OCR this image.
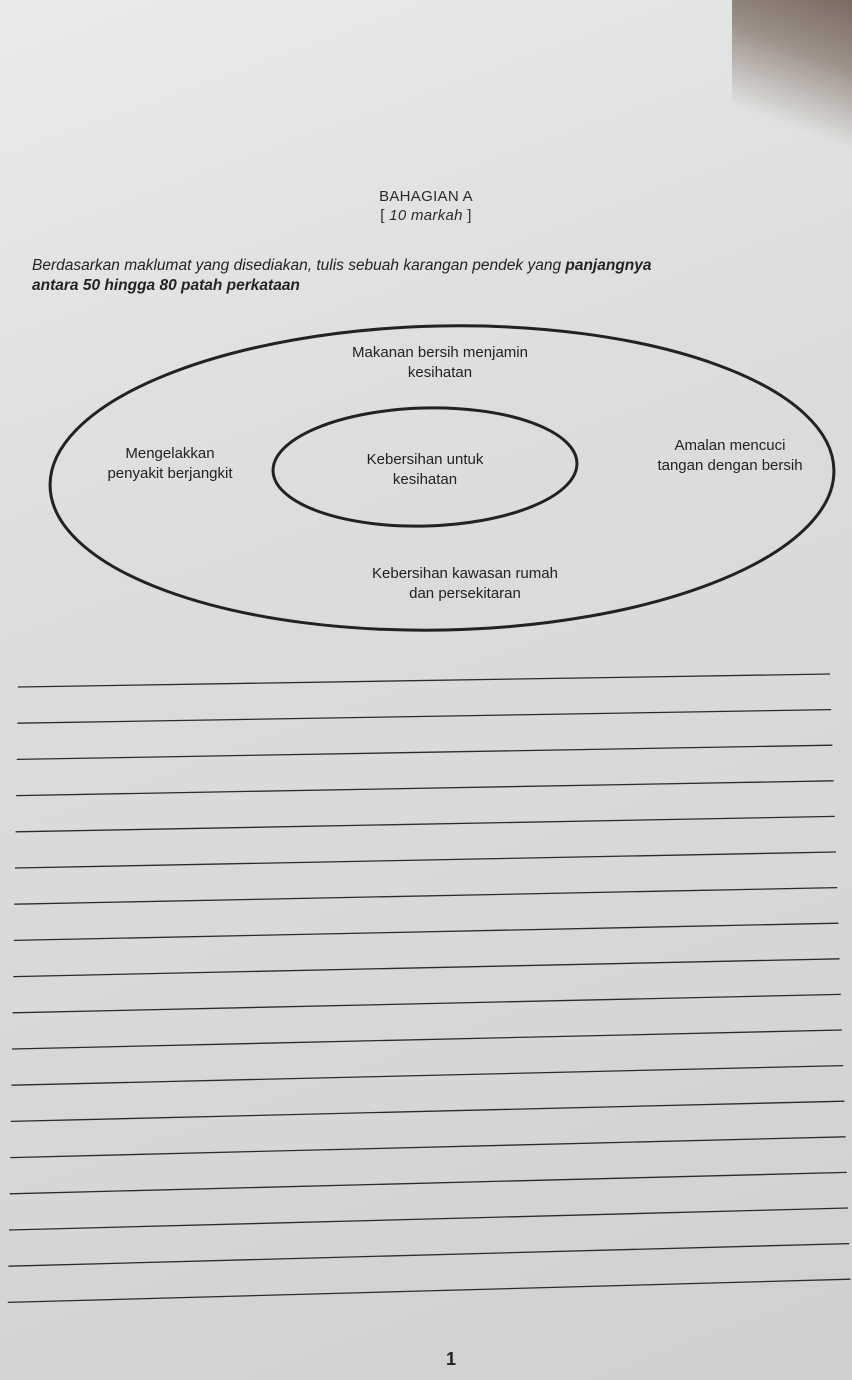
BAHAGIAN A
[ 10 markah ]
Berdasarkan maklumat yang disediakan, tulis sebuah karangan pendek yang panjangnya
antara 50 hingga 80 patah perkataan
Makanan bersih menjamin
kesihatan
Kebersihan untuk
kesihatan
Mengelakkan
penyakit berjangkit
Amalan mencuci
tangan dengan bersih
Kebersihan kawasan rumah
dan persekitaran
1
